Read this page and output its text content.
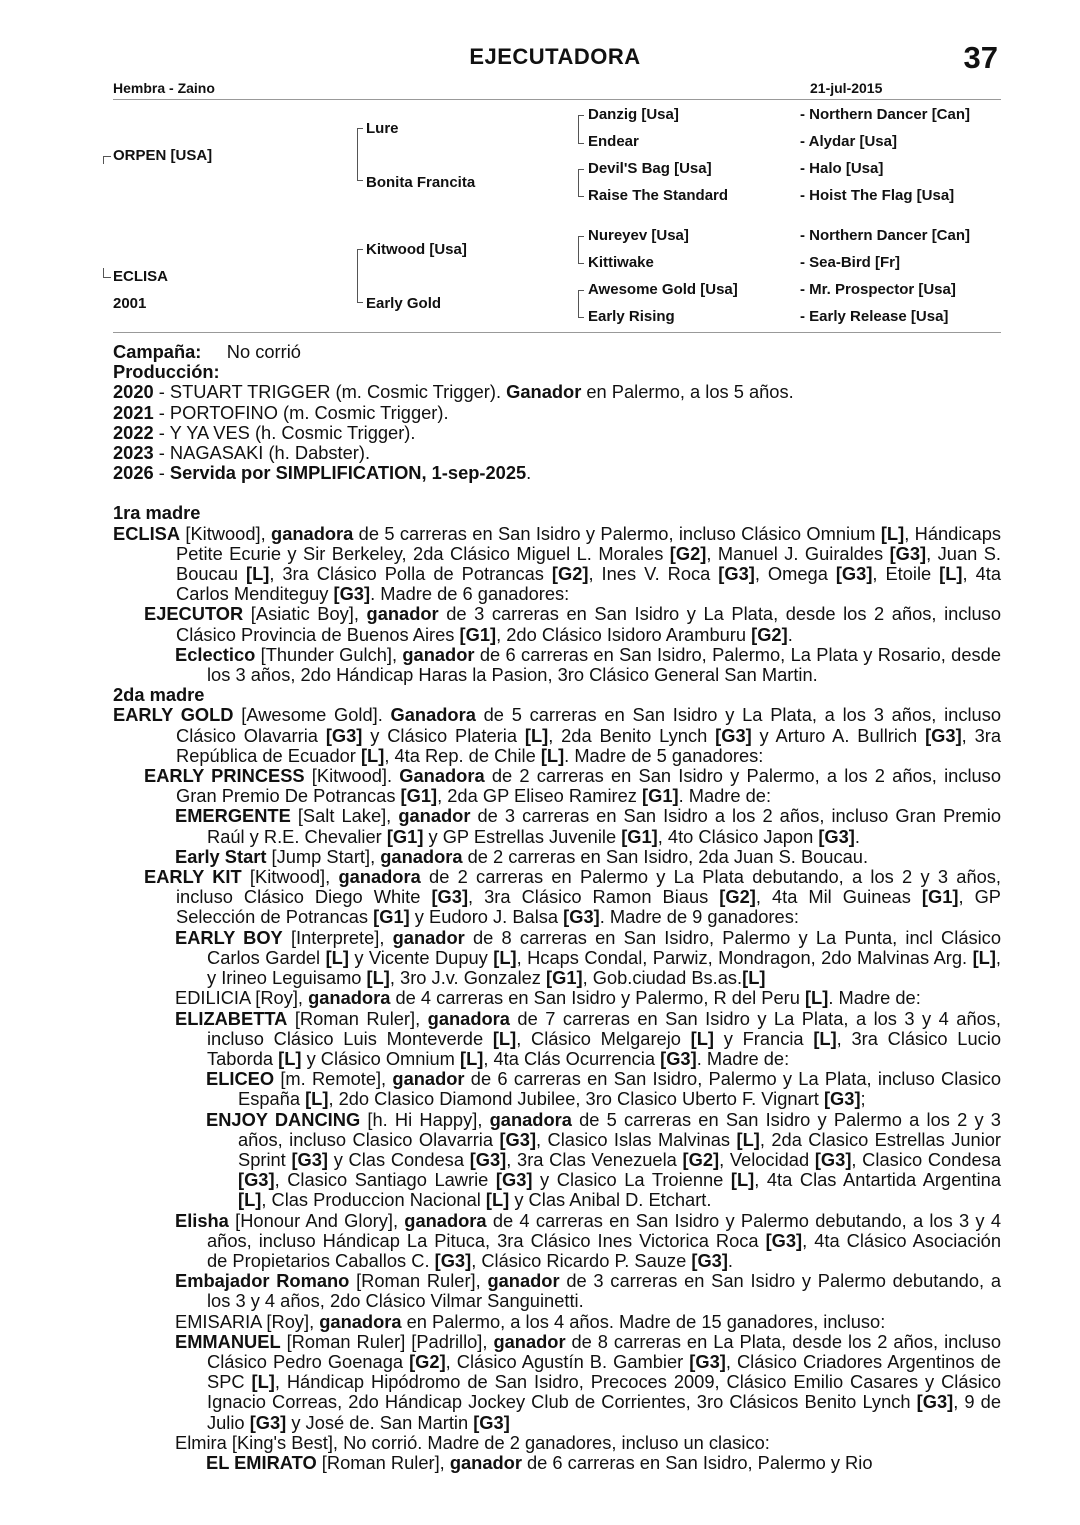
EJECUTADORA	37
Hembra - Zaino	21-jul-2015
ORPEN [USA]
ECLISA
2001
Lure
Bonita Francita
Kitwood [Usa]
Early Gold
Danzig [Usa]
Endear
Devil'S Bag [Usa]
Raise The Standard
Nureyev [Usa]
Kittiwake
Awesome Gold [Usa]
Early Rising
- Northern Dancer [Can]
- Alydar [Usa]
- Halo [Usa]
- Hoist The Flag [Usa]
- Northern Dancer [Can]
- Sea-Bird [Fr]
- Mr. Prospector [Usa]
- Early Release [Usa]

Campaña: No corrió

Producción:

2020 - STUART TRIGGER (m. Cosmic Trigger). Ganador en Palermo, a los 5 años.

2021 - PORTOFINO (m. Cosmic Trigger).

2022 - Y YA VES (h. Cosmic Trigger).

2023 - NAGASAKI (h. Dabster).

2026 - Servida por SIMPLIFICATION, 1-sep-2025.

1ra madre

ECLISA [Kitwood], ganadora de 5 carreras en San Isidro y Palermo, incluso Clásico Omnium [L], Hándicaps Petite Ecurie y Sir Berkeley, 2da Clásico Miguel L. Morales [G2], Manuel J. Guiraldes [G3], Juan S. Boucau [L], 3ra Clásico Polla de Potrancas [G2], Ines V. Roca [G3], Omega [G3], Etoile [L], 4ta Carlos Menditeguy [G3]. Madre de 6 ganadores:

EJECUTOR [Asiatic Boy], ganador de 3 carreras en San Isidro y La Plata, desde los 2 años, incluso Clásico Provincia de Buenos Aires [G1], 2do Clásico Isidoro Aramburu [G2].

Eclectico [Thunder Gulch], ganador de 6 carreras en San Isidro, Palermo, La Plata y Rosario, desde los 3 años, 2do Hándicap Haras la Pasion, 3ro Clásico General San Martin.

2da madre

EARLY GOLD [Awesome Gold]. Ganadora de 5 carreras en San Isidro y La Plata, a los 3 años, incluso Clásico Olavarria [G3] y Clásico Plateria [L], 2da Benito Lynch [G3] y Arturo A. Bullrich [G3], 3ra República de Ecuador [L], 4ta Rep. de Chile [L]. Madre de 5 ganadores:

EARLY PRINCESS [Kitwood]. Ganadora de 2 carreras en San Isidro y Palermo, a los 2 años, incluso Gran Premio De Potrancas [G1], 2da GP Eliseo Ramirez [G1]. Madre de:

EMERGENTE [Salt Lake], ganador de 3 carreras en San Isidro a los 2 años, incluso Gran Premio Raúl y R.E. Chevalier [G1] y GP Estrellas Juvenile [G1], 4to Clásico Japon [G3].

Early Start [Jump Start], ganadora de 2 carreras en San Isidro, 2da Juan S. Boucau.

EARLY KIT [Kitwood], ganadora de 2 carreras en Palermo y La Plata debutando, a los 2 y 3 años, incluso Clásico Diego White [G3], 3ra Clásico Ramon Biaus [G2], 4ta Mil Guineas [G1], GP Selección de Potrancas [G1] y Eudoro J. Balsa [G3]. Madre de 9 ganadores:

EARLY BOY [Interprete], ganador de 8 carreras en San Isidro, Palermo y La Punta, incl Clásico Carlos Gardel [L] y Vicente Dupuy [L], Hcaps Condal, Parwiz, Mondragon, 2do Malvinas Arg. [L], y Irineo Leguisamo [L], 3ro J.v. Gonzalez [G1], Gob.ciudad Bs.as.[L]

EDILICIA [Roy], ganadora de 4 carreras en San Isidro y Palermo, R del Peru [L]. Madre de:

ELIZABETTA [Roman Ruler], ganadora de 7 carreras en San Isidro y La Plata, a los 3 y 4 años, incluso Clásico Luis Monteverde [L], Clásico Melgarejo [L] y Francia [L], 3ra Clásico Lucio Taborda [L] y Clásico Omnium [L], 4ta Clás Ocurrencia [G3]. Madre de:

ELICEO [m. Remote], ganador de 6 carreras en San Isidro, Palermo y La Plata, incluso Clasico España [L], 2do Clasico Diamond Jubilee, 3ro Clasico Uberto F. Vignart [G3];

ENJOY DANCING [h. Hi Happy], ganadora de 5 carreras en San Isidro y Palermo a los 2 y 3 años, incluso Clasico Olavarria [G3], Clasico Islas Malvinas [L], 2da Clasico Estrellas Junior Sprint [G3] y Clas Condesa [G3], 3ra Clas Venezuela [G2], Velocidad [G3], Clasico Condesa [G3], Clasico Santiago Lawrie [G3] y Clasico La Troienne [L], 4ta Clas Antartida Argentina [L], Clas Produccion Nacional [L] y Clas Anibal D. Etchart.

Elisha [Honour And Glory], ganadora de 4 carreras en San Isidro y Palermo debutando, a los 3 y 4 años, incluso Hándicap La Pituca, 3ra Clásico Ines Victorica Roca [G3], 4ta Clásico Asociación de Propietarios Caballos C. [G3], Clásico Ricardo P. Sauze [G3].

Embajador Romano [Roman Ruler], ganador de 3 carreras en San Isidro y Palermo debutando, a los 3 y 4 años, 2do Clásico Vilmar Sanguinetti.

EMISARIA [Roy], ganadora en Palermo, a los 4 años. Madre de 15 ganadores, incluso:

EMMANUEL [Roman Ruler] [Padrillo], ganador de 8 carreras en La Plata, desde los 2 años, incluso Clásico Pedro Goenaga [G2], Clásico Agustín B. Gambier [G3], Clásico Criadores Argentinos de SPC [L], Hándicap Hipódromo de San Isidro, Precoces 2009, Clásico Emilio Casares y Clásico Ignacio Correas, 2do Hándicap Jockey Club de Corrientes, 3ro Clásicos Benito Lynch [G3], 9 de Julio [G3] y José de. San Martin [G3]

Elmira [King's Best], No corrió. Madre de 2 ganadores, incluso un clasico:

EL EMIRATO [Roman Ruler], ganador de 6 carreras en San Isidro, Palermo y Rio
